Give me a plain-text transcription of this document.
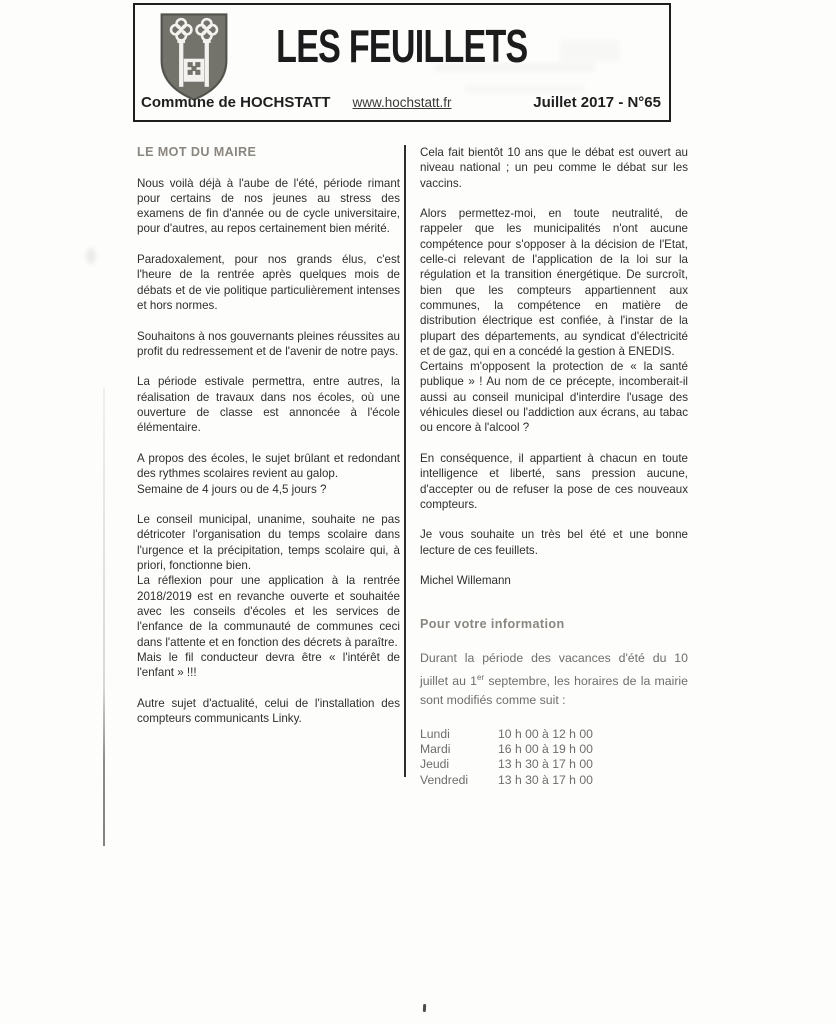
LES FEUILLETS
Commune de HOCHSTATT	www.hochstatt.fr	Juillet 2017 - N°65

LE MOT DU MAIRE

Nous voilà déjà à l'aube de l'été, période rimant pour certains de nos jeunes au stress des examens de fin d'année ou de cycle universitaire, pour d'autres, au repos certainement bien mérité.

Paradoxalement, pour nos grands élus, c'est l'heure de la rentrée après quelques mois de débats et de vie politique particulièrement intenses et hors normes.

Souhaitons à nos gouvernants pleines réussites au profit du redressement et de l'avenir de notre pays.

La période estivale permettra, entre autres, la réalisation de travaux dans nos écoles, où une ouverture de classe est annoncée à l'école élémentaire.

A propos des écoles, le sujet brûlant et redondant des rythmes scolaires revient au galop.

Semaine de 4 jours ou de 4,5 jours ?

Le conseil municipal, unanime, souhaite ne pas détricoter l'organisation du temps scolaire dans l'urgence et la précipitation, temps scolaire qui, à priori, fonctionne bien.

La réflexion pour une application à la rentrée 2018/2019 est en revanche ouverte et souhaitée avec les conseils d'écoles et les services de l'enfance de la communauté de communes ceci dans l'attente et en fonction des décrets à paraître.

Mais le fil conducteur devra être « l'intérêt de l'enfant » !!!

Autre sujet d'actualité, celui de l'installation des compteurs communicants Linky.

Cela fait bientôt 10 ans que le débat est ouvert au niveau national ; un peu comme le débat sur les vaccins.

Alors permettez-moi, en toute neutralité, de rappeler que les municipalités n'ont aucune compétence pour s'opposer à la décision de l'Etat, celle-ci relevant de l'application de la loi sur la régulation et la transition énergétique. De surcroît, bien que les compteurs appartiennent aux communes, la compétence en matière de distribution électrique est confiée, à l'instar de la plupart des départements, au syndicat d'électricité et de gaz, qui en a concédé la gestion à ENEDIS.

Certains m'opposent la protection de « la santé publique » ! Au nom de ce précepte, incomberait-il aussi au conseil municipal d'interdire l'usage des véhicules diesel ou l'addiction aux écrans, au tabac ou encore à l'alcool ?

En conséquence, il appartient à chacun en toute intelligence et liberté, sans pression aucune, d'accepter ou de refuser la pose de ces nouveaux compteurs.

Je vous souhaite un très bel été et une bonne lecture de ces feuillets.

Michel Willemann

Pour votre information

Durant la période des vacances d'été du 10 juillet au 1er septembre, les horaires de la mairie sont modifiés comme suit :

Lundi	10 h 00 à 12 h 00
Mardi	16 h 00 à 19 h 00
Jeudi	13 h 30 à 17 h 00
Vendredi	13 h 30 à 17 h 00
